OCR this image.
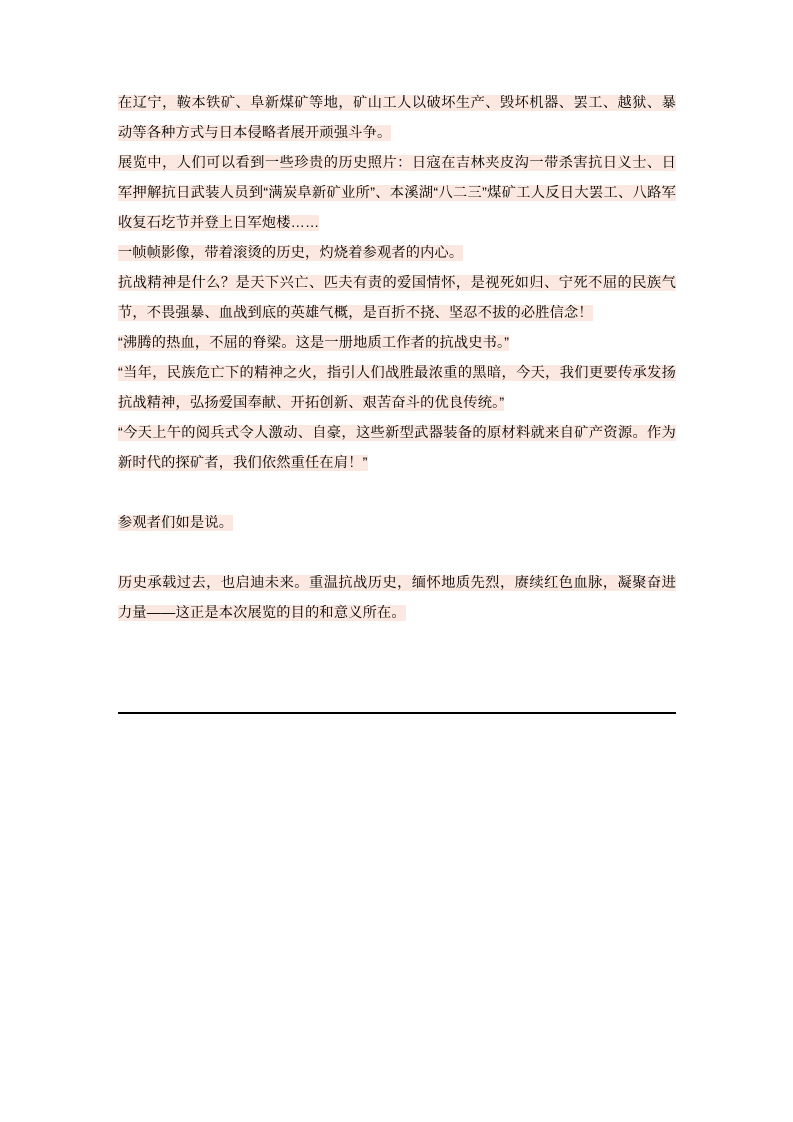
在辽宁，鞍本铁矿、阜新煤矿等地，矿山工人以破坏生产、毁坏机器、罢工、越狱、暴动等各种方式与日本侵略者展开顽强斗争。

展览中，人们可以看到一些珍贵的历史照片：日寇在吉林夹皮沟一带杀害抗日义士、日军押解抗日武装人员到“满炭阜新矿业所”、本溪湖“八二三”煤矿工人反日大罢工、八路军收复石圪节并登上日军炮楼……

一帧帧影像，带着滚烫的历史，灼烧着参观者的内心。

抗战精神是什么？是天下兴亡、匹夫有责的爱国情怀，是视死如归、宁死不屈的民族气节，不畏强暴、血战到底的英雄气概，是百折不挠、坚忍不拔的必胜信念！

“沸腾的热血，不屈的脊梁。这是一册地质工作者的抗战史书。”

“当年，民族危亡下的精神之火，指引人们战胜最浓重的黑暗，今天，我们更要传承发扬抗战精神，弘扬爱国奉献、开拓创新、艰苦奋斗的优良传统。”

“今天上午的阅兵式令人激动、自豪，这些新型武器装备的原材料就来自矿产资源。作为新时代的探矿者，我们依然重任在肩！”

参观者们如是说。

历史承载过去，也启迪未来。重温抗战历史，缅怀地质先烈，赓续红色血脉，凝聚奋进力量——这正是本次展览的目的和意义所在。
